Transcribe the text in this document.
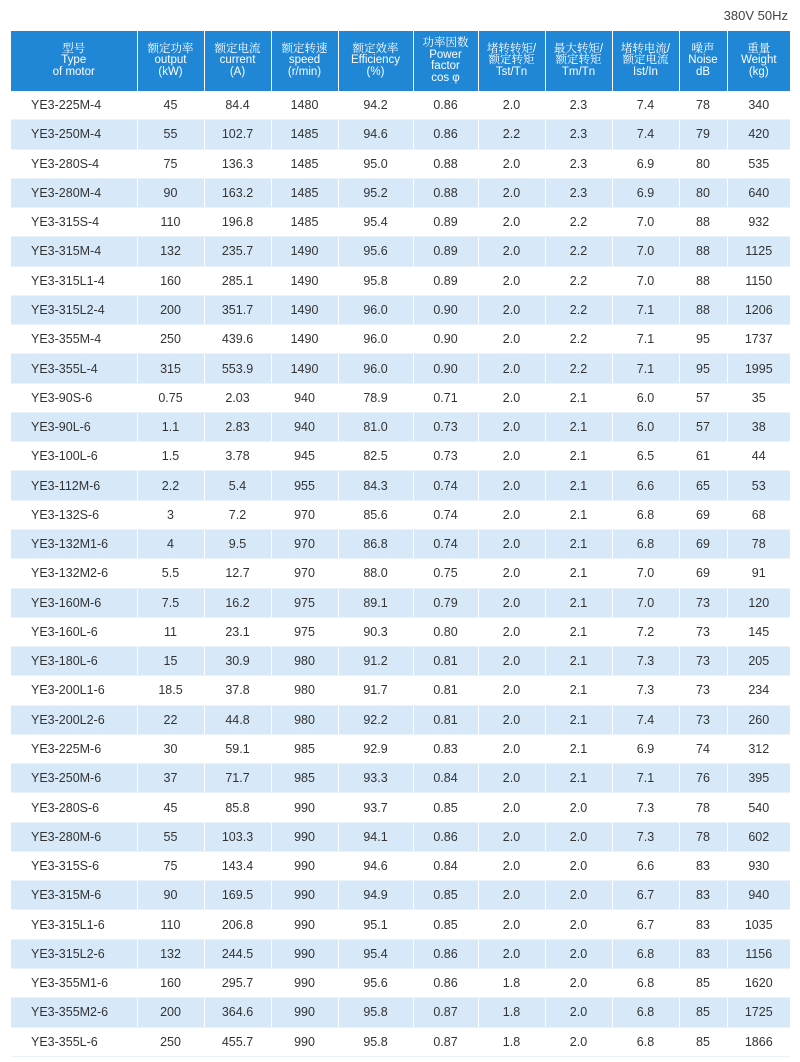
380V 50Hz
型号
Type
of motor	额定功率
output
(kW)	额定电流
current
(A)	额定转速
speed
(r/min)	额定效率
Efficiency
(%)	功率因数
Power
factor
cos φ	堵转转矩/
额定转矩
Tst/Tn	最大转矩/
额定转矩
Tm/Tn	堵转电流/
额定电流
Ist/In	噪声
Noise
dB	重量
Weight
(kg)

YE3-225M-4	45	84.4	1480	94.2	0.86	2.0	2.3	7.4	78	340
YE3-250M-4	55	102.7	1485	94.6	0.86	2.2	2.3	7.4	79	420
YE3-280S-4	75	136.3	1485	95.0	0.88	2.0	2.3	6.9	80	535
YE3-280M-4	90	163.2	1485	95.2	0.88	2.0	2.3	6.9	80	640
YE3-315S-4	110	196.8	1485	95.4	0.89	2.0	2.2	7.0	88	932
YE3-315M-4	132	235.7	1490	95.6	0.89	2.0	2.2	7.0	88	1125
YE3-315L1-4	160	285.1	1490	95.8	0.89	2.0	2.2	7.0	88	1150
YE3-315L2-4	200	351.7	1490	96.0	0.90	2.0	2.2	7.1	88	1206
YE3-355M-4	250	439.6	1490	96.0	0.90	2.0	2.2	7.1	95	1737
YE3-355L-4	315	553.9	1490	96.0	0.90	2.0	2.2	7.1	95	1995
YE3-90S-6	0.75	2.03	940	78.9	0.71	2.0	2.1	6.0	57	35
YE3-90L-6	1.1	2.83	940	81.0	0.73	2.0	2.1	6.0	57	38
YE3-100L-6	1.5	3.78	945	82.5	0.73	2.0	2.1	6.5	61	44
YE3-112M-6	2.2	5.4	955	84.3	0.74	2.0	2.1	6.6	65	53
YE3-132S-6	3	7.2	970	85.6	0.74	2.0	2.1	6.8	69	68
YE3-132M1-6	4	9.5	970	86.8	0.74	2.0	2.1	6.8	69	78
YE3-132M2-6	5.5	12.7	970	88.0	0.75	2.0	2.1	7.0	69	91
YE3-160M-6	7.5	16.2	975	89.1	0.79	2.0	2.1	7.0	73	120
YE3-160L-6	11	23.1	975	90.3	0.80	2.0	2.1	7.2	73	145
YE3-180L-6	15	30.9	980	91.2	0.81	2.0	2.1	7.3	73	205
YE3-200L1-6	18.5	37.8	980	91.7	0.81	2.0	2.1	7.3	73	234
YE3-200L2-6	22	44.8	980	92.2	0.81	2.0	2.1	7.4	73	260
YE3-225M-6	30	59.1	985	92.9	0.83	2.0	2.1	6.9	74	312
YE3-250M-6	37	71.7	985	93.3	0.84	2.0	2.1	7.1	76	395
YE3-280S-6	45	85.8	990	93.7	0.85	2.0	2.0	7.3	78	540
YE3-280M-6	55	103.3	990	94.1	0.86	2.0	2.0	7.3	78	602
YE3-315S-6	75	143.4	990	94.6	0.84	2.0	2.0	6.6	83	930
YE3-315M-6	90	169.5	990	94.9	0.85	2.0	2.0	6.7	83	940
YE3-315L1-6	110	206.8	990	95.1	0.85	2.0	2.0	6.7	83	1035
YE3-315L2-6	132	244.5	990	95.4	0.86	2.0	2.0	6.8	83	1156
YE3-355M1-6	160	295.7	990	95.6	0.86	1.8	2.0	6.8	85	1620
YE3-355M2-6	200	364.6	990	95.8	0.87	1.8	2.0	6.8	85	1725
YE3-355L-6	250	455.7	990	95.8	0.87	1.8	2.0	6.8	85	1866
